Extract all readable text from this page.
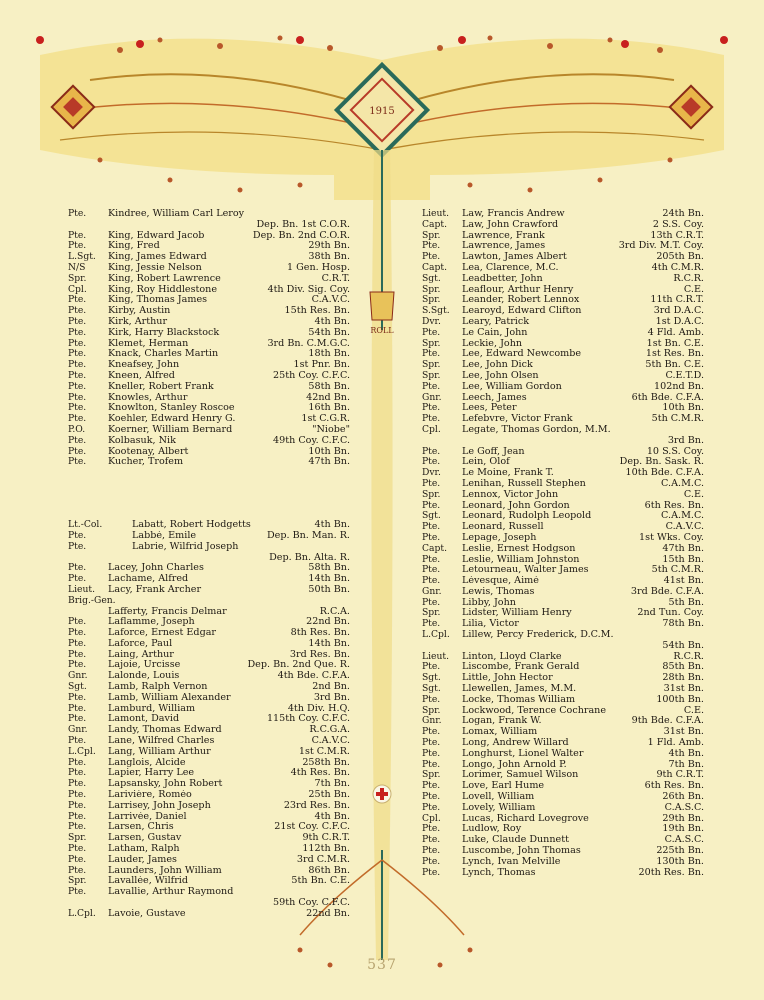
1915
ROLL
Pte.	Kindree, William Carl Leroy
Dep. Bn. 1st C.O.R.
Pte.	King, Edward Jacob	Dep. Bn. 2nd C.O.R.
Pte.	King, Fred	29th Bn.
L.Sgt.	King, James Edward	38th Bn.
N/S	King, Jessie Nelson	1 Gen. Hosp.
Spr.	King, Robert Lawrence	C.R.T.
Cpl.	King, Roy Hiddlestone	4th Div. Sig. Coy.
Pte.	King, Thomas James	C.A.V.C.
Pte.	Kirby, Austin	15th Res. Bn.
Pte.	Kirk, Arthur	4th Bn.
Pte.	Kirk, Harry Blackstock	54th Bn.
Pte.	Klemet, Herman	3rd Bn. C.M.G.C.
Pte.	Knack, Charles Martin	18th Bn.
Pte.	Kneafsey, John	1st Pnr. Bn.
Pte.	Kneen, Alfred	25th Coy. C.F.C.
Pte.	Kneller, Robert Frank	58th Bn.
Pte.	Knowles, Arthur	42nd Bn.
Pte.	Knowlton, Stanley Roscoe	16th Bn.
Pte.	Koehler, Edward Henry G.	1st C.G.R.
P.O.	Koerner, William Bernard	"Niobe"
Pte.	Kolbasuk, Nik	49th Coy. C.F.C.
Pte.	Kootenay, Albert	10th Bn.
Pte.	Kucher, Trofem	47th Bn.
Lt.-Col.	Labatt, Robert Hodgetts	4th Bn.
Pte.	Labbé, Emile	Dep. Bn. Man. R.
Pte.	Labrie, Wilfrid Joseph
Dep. Bn. Alta. R.
Pte.	Lacey, John Charles	58th Bn.
Pte.	Lachame, Alfred	14th Bn.
Lieut.	Lacy, Frank Archer	50th Bn.
Brig.-Gen.
Lafferty, Francis Delmar	R.C.A.
Pte.	Laflamme, Joseph	22nd Bn.
Pte.	Laforce, Ernest Edgar	8th Res. Bn.
Pte.	Laforce, Paul	14th Bn.
Pte.	Laing, Arthur	3rd Res. Bn.
Pte.	Lajoie, Urcisse	Dep. Bn. 2nd Que. R.
Gnr.	Lalonde, Louis	4th Bde. C.F.A.
Sgt.	Lamb, Ralph Vernon	2nd Bn.
Pte.	Lamb, William Alexander	3rd Bn.
Pte.	Lamburd, William	4th Div. H.Q.
Pte.	Lamont, David	115th Coy. C.F.C.
Gnr.	Landy, Thomas Edward	R.C.G.A.
Pte.	Lane, Wilfred Charles	C.A.V.C.
L.Cpl.	Lang, William Arthur	1st C.M.R.
Pte.	Langlois, Alcide	258th Bn.
Pte.	Lapier, Harry Lee	4th Res. Bn.
Pte.	Lapsansky, John Robert	7th Bn.
Pte.	Larivière, Roméo	25th Bn.
Pte.	Larrisey, John Joseph	23rd Res. Bn.
Pte.	Larrivée, Daniel	4th Bn.
Pte.	Larsen, Chris	21st Coy. C.F.C.
Spr.	Larsen, Gustav	9th C.R.T.
Pte.	Latham, Ralph	112th Bn.
Pte.	Lauder, James	3rd C.M.R.
Pte.	Launders, John William	86th Bn.
Spr.	Lavallée, Wilfrid	5th Bn. C.E.
Pte.	Lavallie, Arthur Raymond
59th Coy. C.F.C.
L.Cpl.	Lavoie, Gustave	22nd Bn.
Lieut.	Law, Francis Andrew	24th Bn.
Capt.	Law, John Crawford	2 S.S. Coy.
Spr.	Lawrence, Frank	13th C.R.T.
Pte.	Lawrence, James	3rd Div. M.T. Coy.
Pte.	Lawton, James Albert	205th Bn.
Capt.	Lea, Clarence, M.C.	4th C.M.R.
Sgt.	Leadbetter, John	R.C.R.
Spr.	Leaflour, Arthur Henry	C.E.
Spr.	Leander, Robert Lennox	11th C.R.T.
S.Sgt.	Learoyd, Edward Clifton	3rd D.A.C.
Dvr.	Leary, Patrick	1st D.A.C.
Pte.	Le Cain, John	4 Fld. Amb.
Spr.	Leckie, John	1st Bn. C.E.
Pte.	Lee, Edward Newcombe	1st Res. Bn.
Spr.	Lee, John Dick	5th Bn. C.E.
Spr.	Lee, John Olsen	C.E.T.D.
Pte.	Lee, William Gordon	102nd Bn.
Gnr.	Leech, James	6th Bde. C.F.A.
Pte.	Lees, Peter	10th Bn.
Pte.	Lefebvre, Victor Frank	5th C.M.R.
Cpl.	Legate, Thomas Gordon, M.M.
3rd Bn.
Pte.	Le Goff, Jean	10 S.S. Coy.
Pte.	Lein, Olof	Dep. Bn. Sask. R.
Dvr.	Le Moine, Frank T.	10th Bde. C.F.A.
Pte.	Lenihan, Russell Stephen	C.A.M.C.
Spr.	Lennox, Victor John	C.E.
Pte.	Leonard, John Gordon	6th Res. Bn.
Sgt.	Leonard, Rudolph Leopold	C.A.M.C.
Pte.	Leonard, Russell	C.A.V.C.
Pte.	Lepage, Joseph	1st Wks. Coy.
Capt.	Leslie, Ernest Hodgson	47th Bn.
Pte.	Leslie, William Johnston	15th Bn.
Pte.	Letourneau, Walter James	5th C.M.R.
Pte.	Lévesque, Aimé	41st Bn.
Gnr.	Lewis, Thomas	3rd Bde. C.F.A.
Pte.	Libby, John	5th Bn.
Spr.	Lidster, William Henry	2nd Tun. Coy.
Pte.	Lilia, Victor	78th Bn.
L.Cpl.	Lillew, Percy Frederick, D.C.M.
54th Bn.
Lieut.	Linton, Lloyd Clarke	R.C.R.
Pte.	Liscombe, Frank Gerald	85th Bn.
Sgt.	Little, John Hector	28th Bn.
Sgt.	Llewellen, James, M.M.	31st Bn.
Pte.	Locke, Thomas William	100th Bn.
Spr.	Lockwood, Terence Cochrane	C.E.
Gnr.	Logan, Frank W.	9th Bde. C.F.A.
Pte.	Lomax, William	31st Bn.
Pte.	Long, Andrew Willard	1 Fld. Amb.
Pte.	Longhurst, Lionel Walter	4th Bn.
Pte.	Longo, John Arnold P.	7th Bn.
Spr.	Lorimer, Samuel Wilson	9th C.R.T.
Pte.	Love, Earl Hume	6th Res. Bn.
Pte.	Lovell, William	26th Bn.
Pte.	Lovely, William	C.A.S.C.
Cpl.	Lucas, Richard Lovegrove	29th Bn.
Pte.	Ludlow, Roy	19th Bn.
Pte.	Luke, Claude Dunnett	C.A.S.C.
Pte.	Luscombe, John Thomas	225th Bn.
Pte.	Lynch, Ivan Melville	130th Bn.
Pte.	Lynch, Thomas	20th Res. Bn.
537
